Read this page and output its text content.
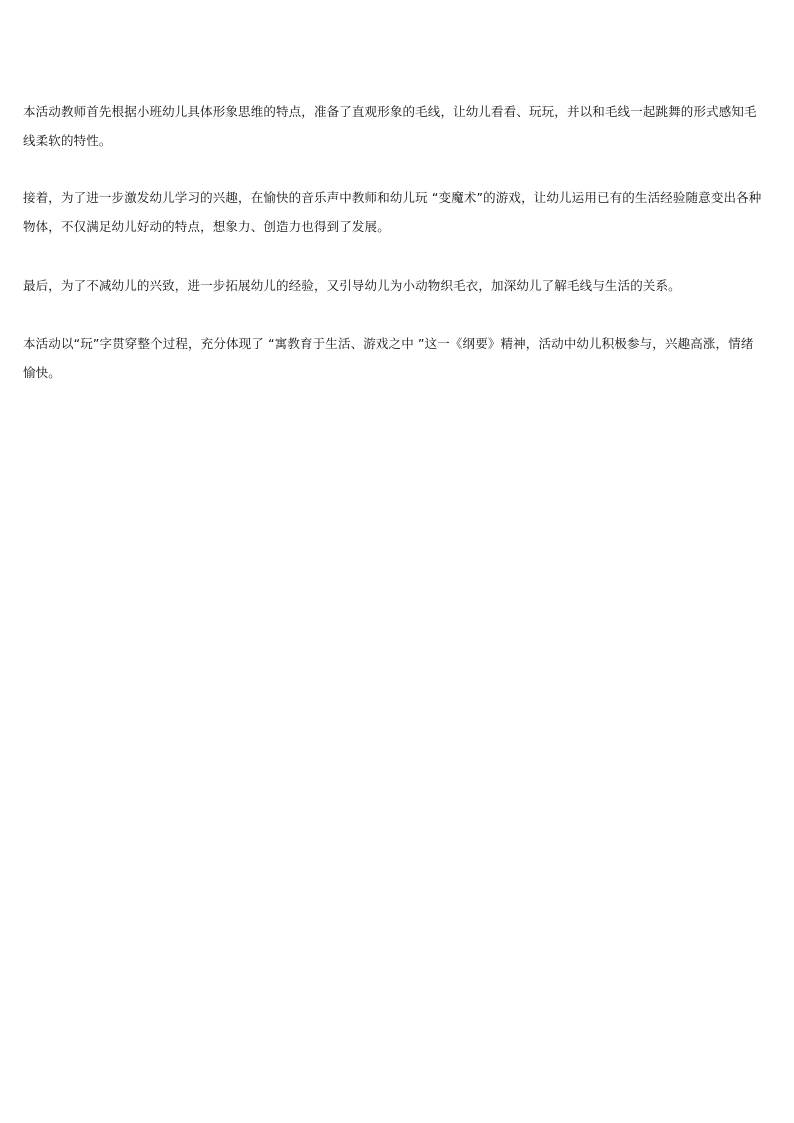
本活动教师首先根据小班幼儿具体形象思维的特点，准备了直观形象的毛线，让幼儿看看、玩玩，并以和毛线一起跳舞的形式感知毛线柔软的特性。

接着，为了进一步激发幼儿学习的兴趣，在愉快的音乐声中教师和幼儿玩 “变魔术”的游戏，让幼儿运用已有的生活经验随意变出各种物体，不仅满足幼儿好动的特点，想象力、创造力也得到了发展。

最后，为了不减幼儿的兴致，进一步拓展幼儿的经验，又引导幼儿为小动物织毛衣，加深幼儿了解毛线与生活的关系。

本活动以“玩”字贯穿整个过程，充分体现了 “寓教育于生活、游戏之中 ”这一《纲要》精神，活动中幼儿积极参与，兴趣高涨，情绪愉快。
